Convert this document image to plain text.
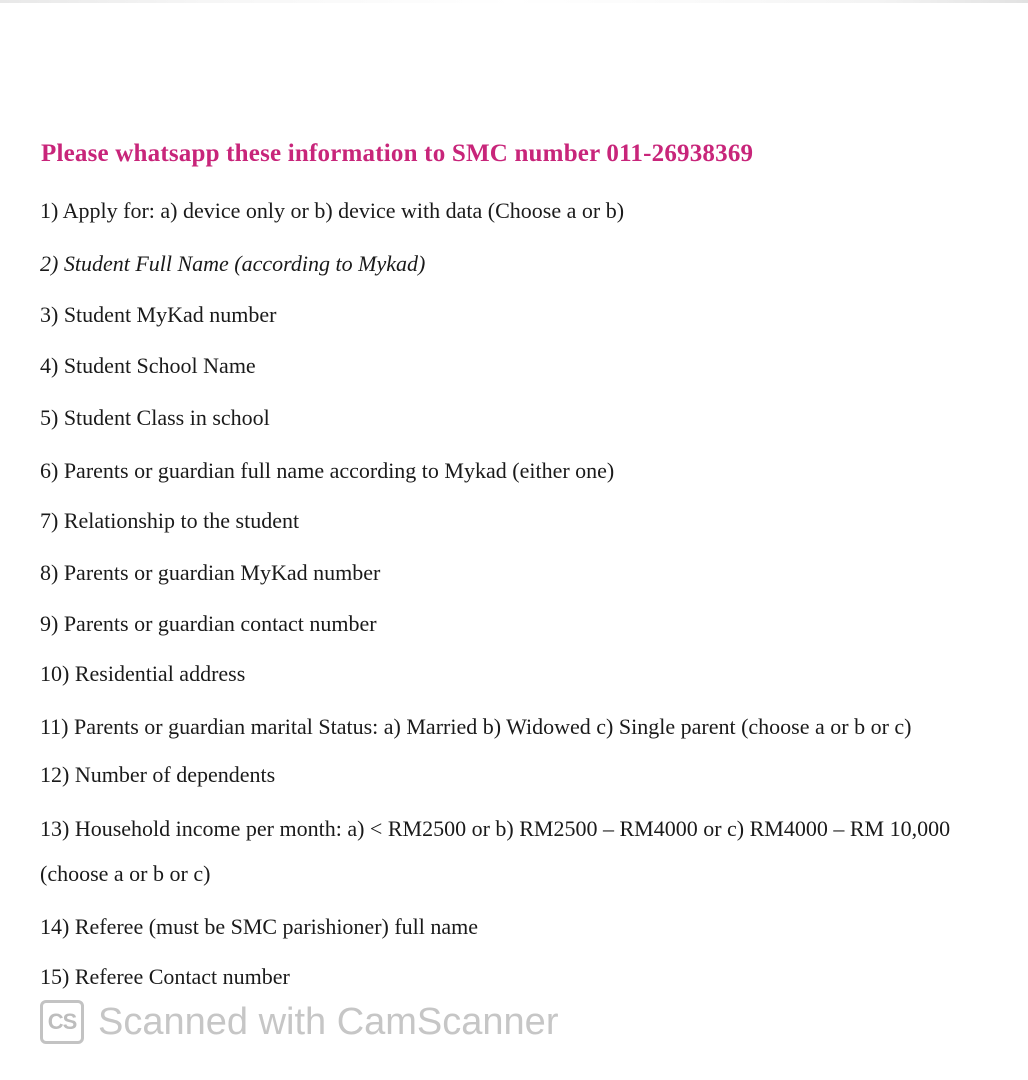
Please whatsapp these information to SMC number 011-26938369
1) Apply for: a) device only or b) device with data (Choose a or b)
2) Student Full Name (according to Mykad)
3) Student MyKad number
4) Student School Name
5) Student Class in school
6) Parents or guardian full name according to Mykad (either one)
7) Relationship to the student
8) Parents or guardian MyKad number
9) Parents or guardian contact number
10) Residential address
11) Parents or guardian marital Status: a) Married b) Widowed c) Single parent (choose a or b or c)
12) Number of dependents
13) Household income per month: a) < RM2500 or b) RM2500 – RM4000 or c) RM4000 – RM 10,000
(choose a or b or c)
14) Referee (must be SMC parishioner) full name
15) Referee Contact number
CS Scanned with CamScanner
